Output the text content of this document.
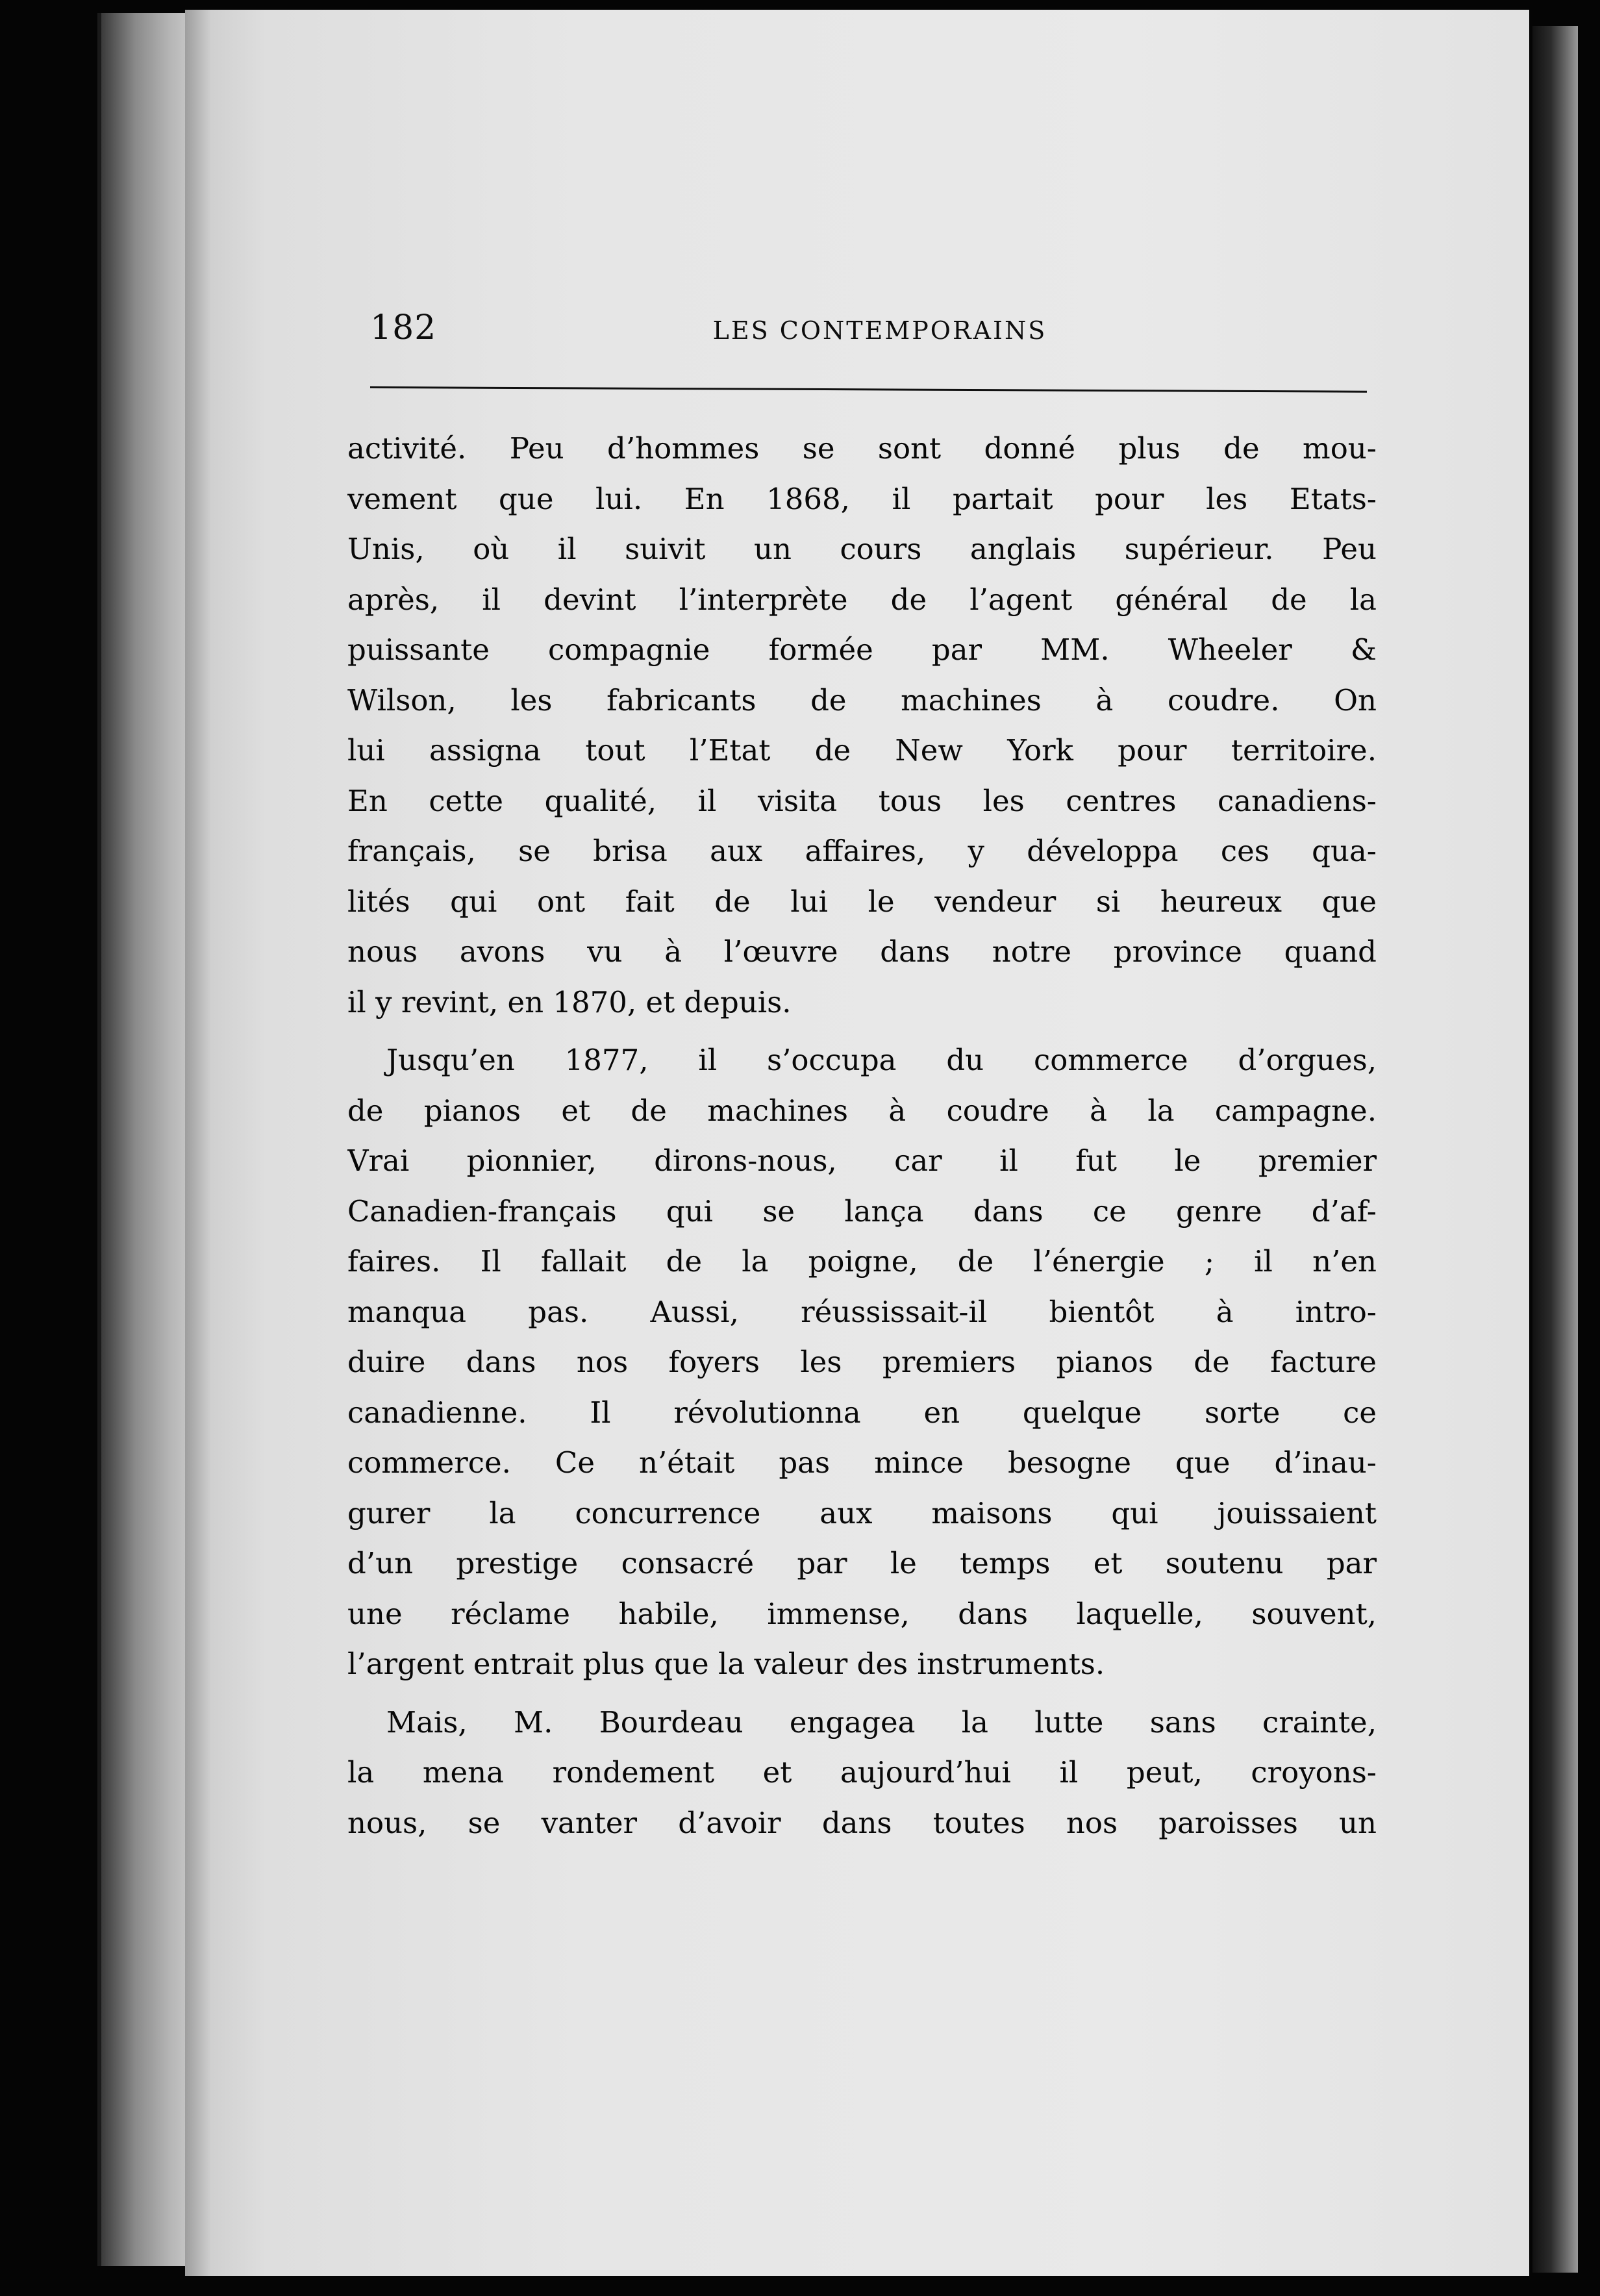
182	LES CONTEMPORAINS
activité. Peu d’hommes se sont donné plus de mou-
vement que lui. En 1868, il partait pour les Etats-
Unis, où il suivit un cours anglais supérieur. Peu
après, il devint l’interprète de l’agent général de la
puissante compagnie formée par MM. Wheeler &
Wilson, les fabricants de machines à coudre. On
lui assigna tout l’Etat de New York pour territoire.
En cette qualité, il visita tous les centres canadiens-
français, se brisa aux affaires, y développa ces qua-
lités qui ont fait de lui le vendeur si heureux que
nous avons vu à l’œuvre dans notre province quand
il y revint, en 1870, et depuis.
Jusqu’en 1877, il s’occupa du commerce d’orgues,
de pianos et de machines à coudre à la campagne.
Vrai pionnier, dirons-nous, car il fut le premier
Canadien-français qui se lança dans ce genre d’af-
faires. Il fallait de la poigne, de l’énergie ; il n’en
manqua pas. Aussi, réussissait-il bientôt à intro-
duire dans nos foyers les premiers pianos de facture
canadienne. Il révolutionna en quelque sorte ce
commerce. Ce n’était pas mince besogne que d’inau-
gurer la concurrence aux maisons qui jouissaient
d’un prestige consacré par le temps et soutenu par
une réclame habile, immense, dans laquelle, souvent,
l’argent entrait plus que la valeur des instruments.
Mais, M. Bourdeau engagea la lutte sans crainte,
la mena rondement et aujourd’hui il peut, croyons-
nous, se vanter d’avoir dans toutes nos paroisses un
